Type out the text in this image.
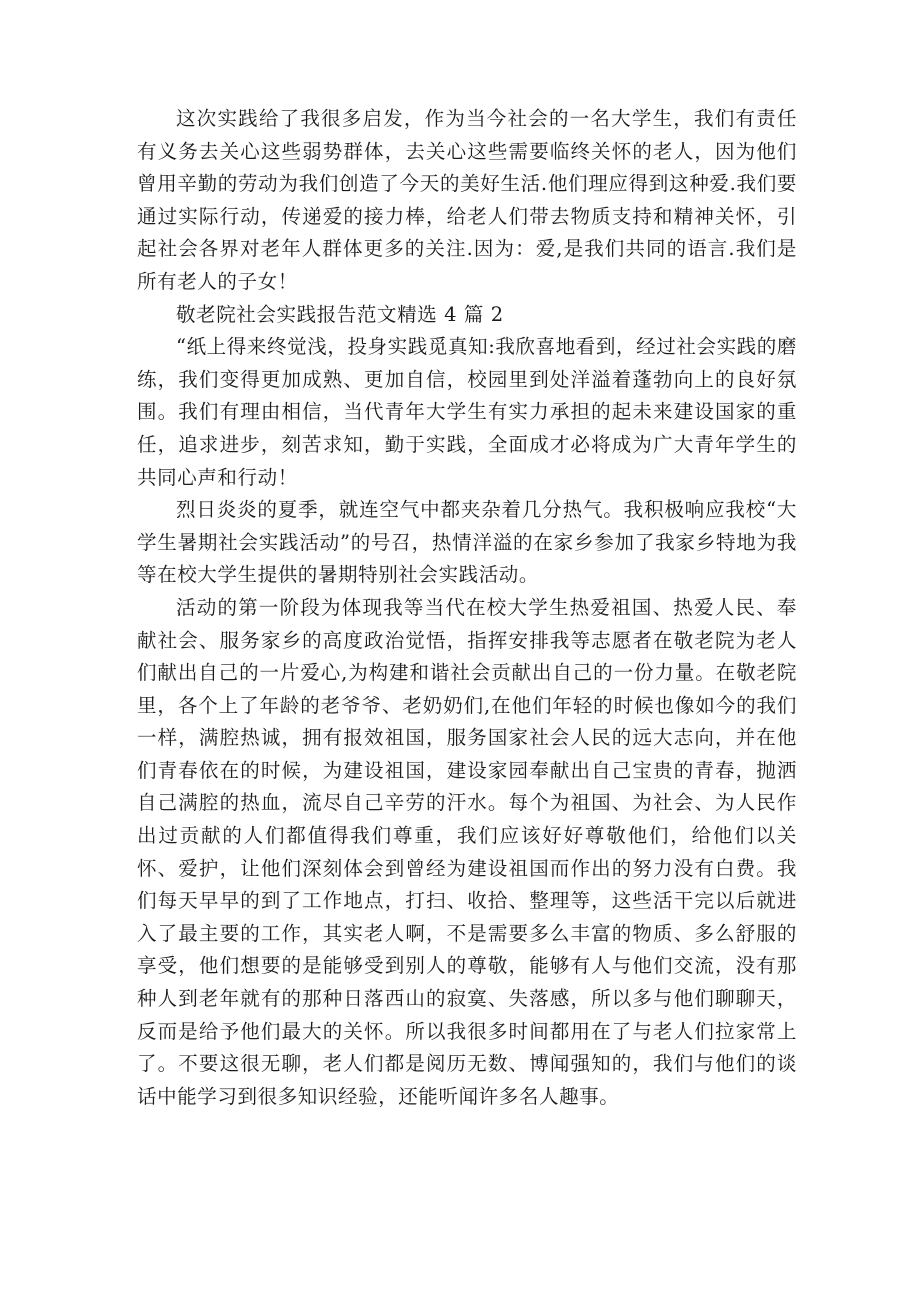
这次实践给了我很多启发，作为当今社会的一名大学生，我们有责任有义务去关心这些弱势群体，去关心这些需要临终关怀的老人，因为他们曾用辛勤的劳动为我们创造了今天的美好生活.他们理应得到这种爱.我们要通过实际行动，传递爱的接力棒，给老人们带去物质支持和精神关怀，引起社会各界对老年人群体更多的关注.因为：爱,是我们共同的语言.我们是所有老人的子女！

敬老院社会实践报告范文精选 4 篇 2

“纸上得来终觉浅，投身实践觅真知:我欣喜地看到，经过社会实践的磨练，我们变得更加成熟、更加自信，校园里到处洋溢着蓬勃向上的良好氛围。我们有理由相信，当代青年大学生有实力承担的起未来建设国家的重任，追求进步，刻苦求知，勤于实践，全面成才必将成为广大青年学生的共同心声和行动！

烈日炎炎的夏季，就连空气中都夹杂着几分热气。我积极响应我校“大学生暑期社会实践活动”的号召，热情洋溢的在家乡参加了我家乡特地为我等在校大学生提供的暑期特别社会实践活动。

活动的第一阶段为体现我等当代在校大学生热爱祖国、热爱人民、奉献社会、服务家乡的高度政治觉悟，指挥安排我等志愿者在敬老院为老人们献出自己的一片爱心,为构建和谐社会贡献出自己的一份力量。在敬老院里，各个上了年龄的老爷爷、老奶奶们,在他们年轻的时候也像如今的我们一样，满腔热诚，拥有报效祖国，服务国家社会人民的远大志向，并在他们青春依在的时候，为建设祖国，建设家园奉献出自己宝贵的青春，抛洒自己满腔的热血，流尽自己辛劳的汗水。每个为祖国、为社会、为人民作出过贡献的人们都值得我们尊重，我们应该好好尊敬他们，给他们以关怀、爱护，让他们深刻体会到曾经为建设祖国而作出的努力没有白费。我们每天早早的到了工作地点，打扫、收拾、整理等，这些活干完以后就进入了最主要的工作，其实老人啊，不是需要多么丰富的物质、多么舒服的享受，他们想要的是能够受到别人的尊敬，能够有人与他们交流，没有那种人到老年就有的那种日落西山的寂寞、失落感，所以多与他们聊聊天，反而是给予他们最大的关怀。所以我很多时间都用在了与老人们拉家常上了。不要这很无聊，老人们都是阅历无数、博闻强知的，我们与他们的谈话中能学习到很多知识经验，还能听闻许多名人趣事。
